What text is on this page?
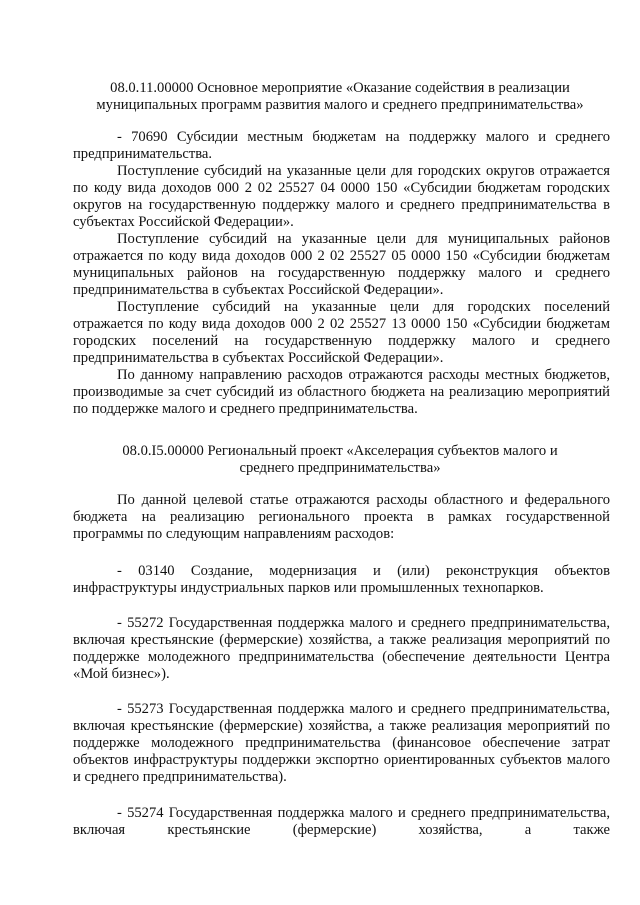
08.0.11.00000 Основное мероприятие «Оказание содействия в реализации
муниципальных программ развития малого и среднего предпринимательства»
- 70690 Субсидии местным бюджетам на поддержку малого и среднего предпринимательства.
Поступление субсидий на указанные цели для городских округов отражается по коду вида доходов 000 2 02 25527 04 0000 150 «Субсидии бюджетам городских округов на государственную поддержку малого и среднего предпринимательства в субъектах Российской Федерации».
Поступление субсидий на указанные цели для муниципальных районов отражается по коду вида доходов 000 2 02 25527 05 0000 150 «Субсидии бюджетам муниципальных районов на государственную поддержку малого и среднего предпринимательства в субъектах Российской Федерации».
Поступление субсидий на указанные цели для городских поселений отражается по коду вида доходов 000 2 02 25527 13 0000 150 «Субсидии бюджетам городских поселений на государственную поддержку малого и среднего предпринимательства в субъектах Российской Федерации».
По данному направлению расходов отражаются расходы местных бюджетов, производимые за счет субсидий из областного бюджета на реализацию мероприятий по поддержке малого и среднего предпринимательства.
08.0.I5.00000 Региональный проект «Акселерация субъектов малого и
среднего предпринимательства»
По данной целевой статье отражаются расходы областного и федерального бюджета на реализацию регионального проекта в рамках государственной программы по следующим направлениям расходов:
- 03140 Создание, модернизация и (или) реконструкция объектов инфраструктуры индустриальных парков или промышленных технопарков.
- 55272 Государственная поддержка малого и среднего предпринимательства, включая крестьянские (фермерские) хозяйства, а также реализация мероприятий по поддержке молодежного предпринимательства (обеспечение деятельности Центра «Мой бизнес»).
- 55273 Государственная поддержка малого и среднего предпринимательства, включая крестьянские (фермерские) хозяйства, а также реализация мероприятий по поддержке молодежного предпринимательства (финансовое обеспечение затрат объектов инфраструктуры поддержки экспортно ориентированных субъектов малого и среднего предпринимательства).
- 55274 Государственная поддержка малого и среднего предпринимательства, включая крестьянские (фермерские) хозяйства, а также
